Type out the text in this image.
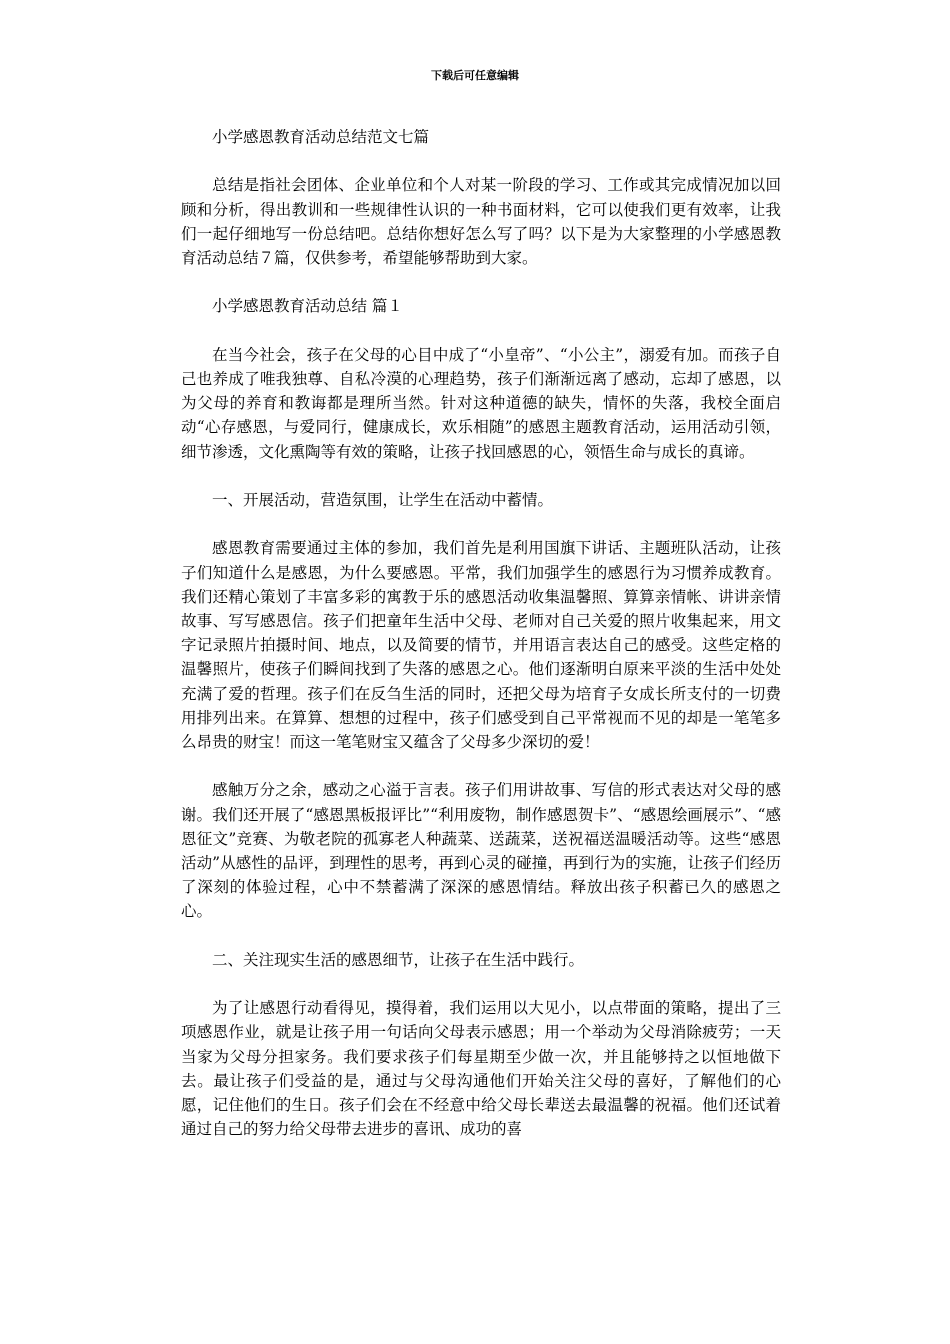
下载后可任意编辑

小学感恩教育活动总结范文七篇

总结是指社会团体、企业单位和个人对某一阶段的学习、工作或其完成情况加以回顾和分析，得出教训和一些规律性认识的一种书面材料，它可以使我们更有效率，让我们一起仔细地写一份总结吧。总结你想好怎么写了吗？以下是为大家整理的小学感恩教育活动总结７篇，仅供参考，希望能够帮助到大家。

小学感恩教育活动总结 篇１

在当今社会，孩子在父母的心目中成了“小皇帝”、“小公主”，溺爱有加。而孩子自己也养成了唯我独尊、自私冷漠的心理趋势，孩子们渐渐远离了感动，忘却了感恩，以为父母的养育和教诲都是理所当然。针对这种道德的缺失，情怀的失落，我校全面启动“心存感恩，与爱同行，健康成长，欢乐相随”的感恩主题教育活动，运用活动引领，细节渗透，文化熏陶等有效的策略，让孩子找回感恩的心，领悟生命与成长的真谛。

一、开展活动，营造氛围，让学生在活动中蓄情。

感恩教育需要通过主体的参加，我们首先是利用国旗下讲话、主题班队活动，让孩子们知道什么是感恩，为什么要感恩。平常，我们加强学生的感恩行为习惯养成教育。我们还精心策划了丰富多彩的寓教于乐的感恩活动收集温馨照、算算亲情帐、讲讲亲情故事、写写感恩信。孩子们把童年生活中父母、老师对自己关爱的照片收集起来，用文字记录照片拍摄时间、地点，以及简要的情节，并用语言表达自己的感受。这些定格的温馨照片，使孩子们瞬间找到了失落的感恩之心。他们逐渐明白原来平淡的生活中处处充满了爱的哲理。孩子们在反刍生活的同时，还把父母为培育子女成长所支付的一切费用排列出来。在算算、想想的过程中，孩子们感受到自己平常视而不见的却是一笔笔多么昂贵的财宝！而这一笔笔财宝又蕴含了父母多少深切的爱！

感触万分之余，感动之心溢于言表。孩子们用讲故事、写信的形式表达对父母的感谢。我们还开展了“感恩黑板报评比”“利用废物，制作感恩贺卡”、“感恩绘画展示”、“感恩征文”竞赛、为敬老院的孤寡老人种蔬菜、送蔬菜，送祝福送温暖活动等。这些“感恩活动”从感性的品评，到理性的思考，再到心灵的碰撞，再到行为的实施，让孩子们经历了深刻的体验过程，心中不禁蓄满了深深的感恩情结。释放出孩子积蓄已久的感恩之心。

二、关注现实生活的感恩细节，让孩子在生活中践行。

为了让感恩行动看得见，摸得着，我们运用以大见小，以点带面的策略，提出了三项感恩作业，就是让孩子用一句话向父母表示感恩；用一个举动为父母消除疲劳；一天当家为父母分担家务。我们要求孩子们每星期至少做一次，并且能够持之以恒地做下去。最让孩子们受益的是，通过与父母沟通他们开始关注父母的喜好，了解他们的心愿，记住他们的生日。孩子们会在不经意中给父母长辈送去最温馨的祝福。他们还试着通过自己的努力给父母带去进步的喜讯、成功的喜
